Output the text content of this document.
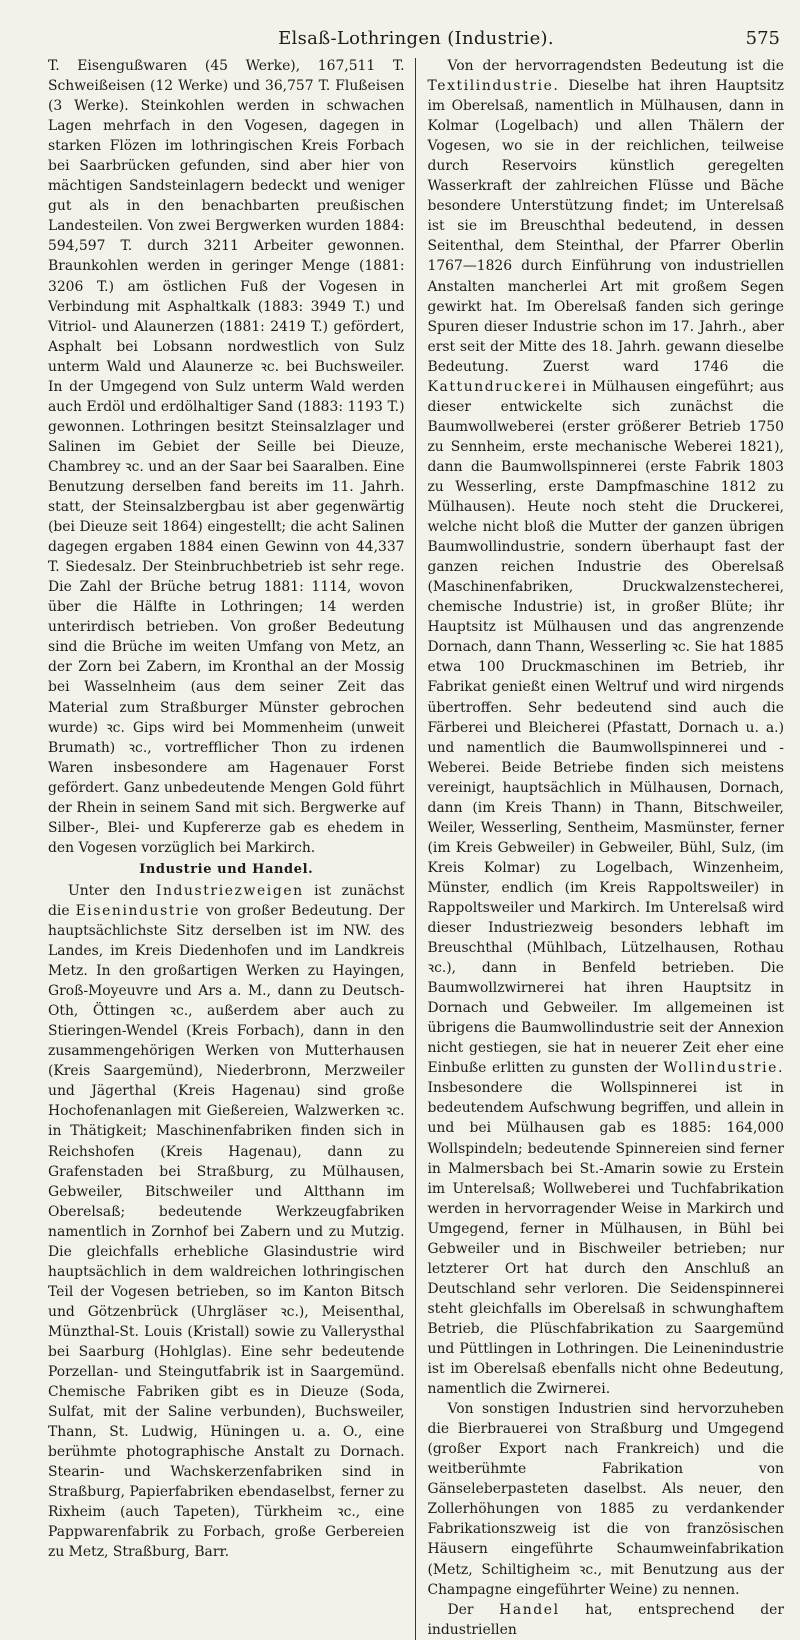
Elsaß-Lothringen (Industrie).	575

T. Eisengußwaren (45 Werke), 167,511 T. Schweißeisen (12 Werke) und 36,757 T. Flußeisen (3 Werke). Steinkohlen werden in schwachen Lagen mehrfach in den Vogesen, dagegen in starken Flözen im lothringischen Kreis Forbach bei Saarbrücken gefunden, sind aber hier von mächtigen Sandsteinlagern bedeckt und weniger gut als in den benachbarten preußischen Landesteilen. Von zwei Bergwerken wurden 1884: 594,597 T. durch 3211 Arbeiter gewonnen. Braunkohlen werden in geringer Menge (1881: 3206 T.) am östlichen Fuß der Vogesen in Verbindung mit Asphaltkalk (1883: 3949 T.) und Vitriol- und Alaunerzen (1881: 2419 T.) gefördert, Asphalt bei Lobsann nordwestlich von Sulz unterm Wald und Alaunerze ꝛc. bei Buchsweiler. In der Umgegend von Sulz unterm Wald werden auch Erdöl und erdölhaltiger Sand (1883: 1193 T.) gewonnen. Lothringen besitzt Steinsalzlager und Salinen im Gebiet der Seille bei Dieuze, Chambrey ꝛc. und an der Saar bei Saaralben. Eine Benutzung derselben fand bereits im 11. Jahrh. statt, der Steinsalzbergbau ist aber gegenwärtig (bei Dieuze seit 1864) eingestellt; die acht Salinen dagegen ergaben 1884 einen Gewinn von 44,337 T. Siedesalz. Der Steinbruchbetrieb ist sehr rege. Die Zahl der Brüche betrug 1881: 1114, wovon über die Hälfte in Lothringen; 14 werden unterirdisch betrieben. Von großer Bedeutung sind die Brüche im weiten Umfang von Metz, an der Zorn bei Zabern, im Kronthal an der Mossig bei Wasselnheim (aus dem seiner Zeit das Material zum Straßburger Münster gebrochen wurde) ꝛc. Gips wird bei Mommenheim (unweit Brumath) ꝛc., vortrefflicher Thon zu irdenen Waren insbesondere am Hagenauer Forst gefördert. Ganz unbedeutende Mengen Gold führt der Rhein in seinem Sand mit sich. Bergwerke auf Silber-, Blei- und Kupfererze gab es ehedem in den Vogesen vorzüglich bei Markirch.

Industrie und Handel.

Unter den Industriezweigen ist zunächst die Eisenindustrie von großer Bedeutung. Der hauptsächlichste Sitz derselben ist im NW. des Landes, im Kreis Diedenhofen und im Landkreis Metz. In den großartigen Werken zu Hayingen, Groß-Moyeuvre und Ars a. M., dann zu Deutsch-Oth, Öttingen ꝛc., außerdem aber auch zu Stieringen-Wendel (Kreis Forbach), dann in den zusammengehörigen Werken von Mutterhausen (Kreis Saargemünd), Niederbronn, Merzweiler und Jägerthal (Kreis Hagenau) sind große Hochofenanlagen mit Gießereien, Walzwerken ꝛc. in Thätigkeit; Maschinenfabriken finden sich in Reichshofen (Kreis Hagenau), dann zu Grafenstaden bei Straßburg, zu Mülhausen, Gebweiler, Bitschweiler und Altthann im Oberelsaß; bedeutende Werkzeugfabriken namentlich in Zornhof bei Zabern und zu Mutzig. Die gleichfalls erhebliche Glasindustrie wird hauptsächlich in dem waldreichen lothringischen Teil der Vogesen betrieben, so im Kanton Bitsch und Götzenbrück (Uhrgläser ꝛc.), Meisenthal, Münzthal-St. Louis (Kristall) sowie zu Vallerysthal bei Saarburg (Hohlglas). Eine sehr bedeutende Porzellan- und Steingutfabrik ist in Saargemünd. Chemische Fabriken gibt es in Dieuze (Soda, Sulfat, mit der Saline verbunden), Buchsweiler, Thann, St. Ludwig, Hüningen u. a. O., eine berühmte photographische Anstalt zu Dornach. Stearin- und Wachskerzenfabriken sind in Straßburg, Papierfabriken ebendaselbst, ferner zu Rixheim (auch Tapeten), Türkheim ꝛc., eine Pappwarenfabrik zu Forbach, große Gerbereien zu Metz, Straßburg, Barr.

Von der hervorragendsten Bedeutung ist die Textilindustrie. Dieselbe hat ihren Hauptsitz im Oberelsaß, namentlich in Mülhausen, dann in Kolmar (Logelbach) und allen Thälern der Vogesen, wo sie in der reichlichen, teilweise durch Reservoirs künstlich geregelten Wasserkraft der zahlreichen Flüsse und Bäche besondere Unterstützung findet; im Unterelsaß ist sie im Breuschthal bedeutend, in dessen Seitenthal, dem Steinthal, der Pfarrer Oberlin 1767—1826 durch Einführung von industriellen Anstalten mancherlei Art mit großem Segen gewirkt hat. Im Oberelsaß fanden sich geringe Spuren dieser Industrie schon im 17. Jahrh., aber erst seit der Mitte des 18. Jahrh. gewann dieselbe Bedeutung. Zuerst ward 1746 die Kattundruckerei in Mülhausen eingeführt; aus dieser entwickelte sich zunächst die Baumwollweberei (erster größerer Betrieb 1750 zu Sennheim, erste mechanische Weberei 1821), dann die Baumwollspinnerei (erste Fabrik 1803 zu Wesserling, erste Dampfmaschine 1812 zu Mülhausen). Heute noch steht die Druckerei, welche nicht bloß die Mutter der ganzen übrigen Baumwollindustrie, sondern überhaupt fast der ganzen reichen Industrie des Oberelsaß (Maschinenfabriken, Druckwalzenstecherei, chemische Industrie) ist, in großer Blüte; ihr Hauptsitz ist Mülhausen und das angrenzende Dornach, dann Thann, Wesserling ꝛc. Sie hat 1885 etwa 100 Druckmaschinen im Betrieb, ihr Fabrikat genießt einen Weltruf und wird nirgends übertroffen. Sehr bedeutend sind auch die Färberei und Bleicherei (Pfastatt, Dornach u. a.) und namentlich die Baumwollspinnerei und -Weberei. Beide Betriebe finden sich meistens vereinigt, hauptsächlich in Mülhausen, Dornach, dann (im Kreis Thann) in Thann, Bitschweiler, Weiler, Wesserling, Sentheim, Masmünster, ferner (im Kreis Gebweiler) in Gebweiler, Bühl, Sulz, (im Kreis Kolmar) zu Logelbach, Winzenheim, Münster, endlich (im Kreis Rappoltsweiler) in Rappoltsweiler und Markirch. Im Unterelsaß wird dieser Industriezweig besonders lebhaft im Breuschthal (Mühlbach, Lützelhausen, Rothau ꝛc.), dann in Benfeld betrieben. Die Baumwollzwirnerei hat ihren Hauptsitz in Dornach und Gebweiler. Im allgemeinen ist übrigens die Baumwollindustrie seit der Annexion nicht gestiegen, sie hat in neuerer Zeit eher eine Einbuße erlitten zu gunsten der Wollindustrie. Insbesondere die Wollspinnerei ist in bedeutendem Aufschwung begriffen, und allein in und bei Mülhausen gab es 1885: 164,000 Wollspindeln; bedeutende Spinnereien sind ferner in Malmersbach bei St.-Amarin sowie zu Erstein im Unterelsaß; Wollweberei und Tuchfabrikation werden in hervorragender Weise in Markirch und Umgegend, ferner in Mülhausen, in Bühl bei Gebweiler und in Bischweiler betrieben; nur letzterer Ort hat durch den Anschluß an Deutschland sehr verloren. Die Seidenspinnerei steht gleichfalls im Oberelsaß in schwunghaftem Betrieb, die Plüschfabrikation zu Saargemünd und Püttlingen in Lothringen. Die Leinenindustrie ist im Oberelsaß ebenfalls nicht ohne Bedeutung, namentlich die Zwirnerei.

Von sonstigen Industrien sind hervorzuheben die Bierbrauerei von Straßburg und Umgegend (großer Export nach Frankreich) und die weitberühmte Fabrikation von Gänseleberpasteten daselbst. Als neuer, den Zollerhöhungen von 1885 zu verdankender Fabrikationszweig ist die von französischen Häusern eingeführte Schaumweinfabrikation (Metz, Schiltigheim ꝛc., mit Benutzung aus der Champagne eingeführter Weine) zu nennen.

Der Handel hat, entsprechend der industriellen
